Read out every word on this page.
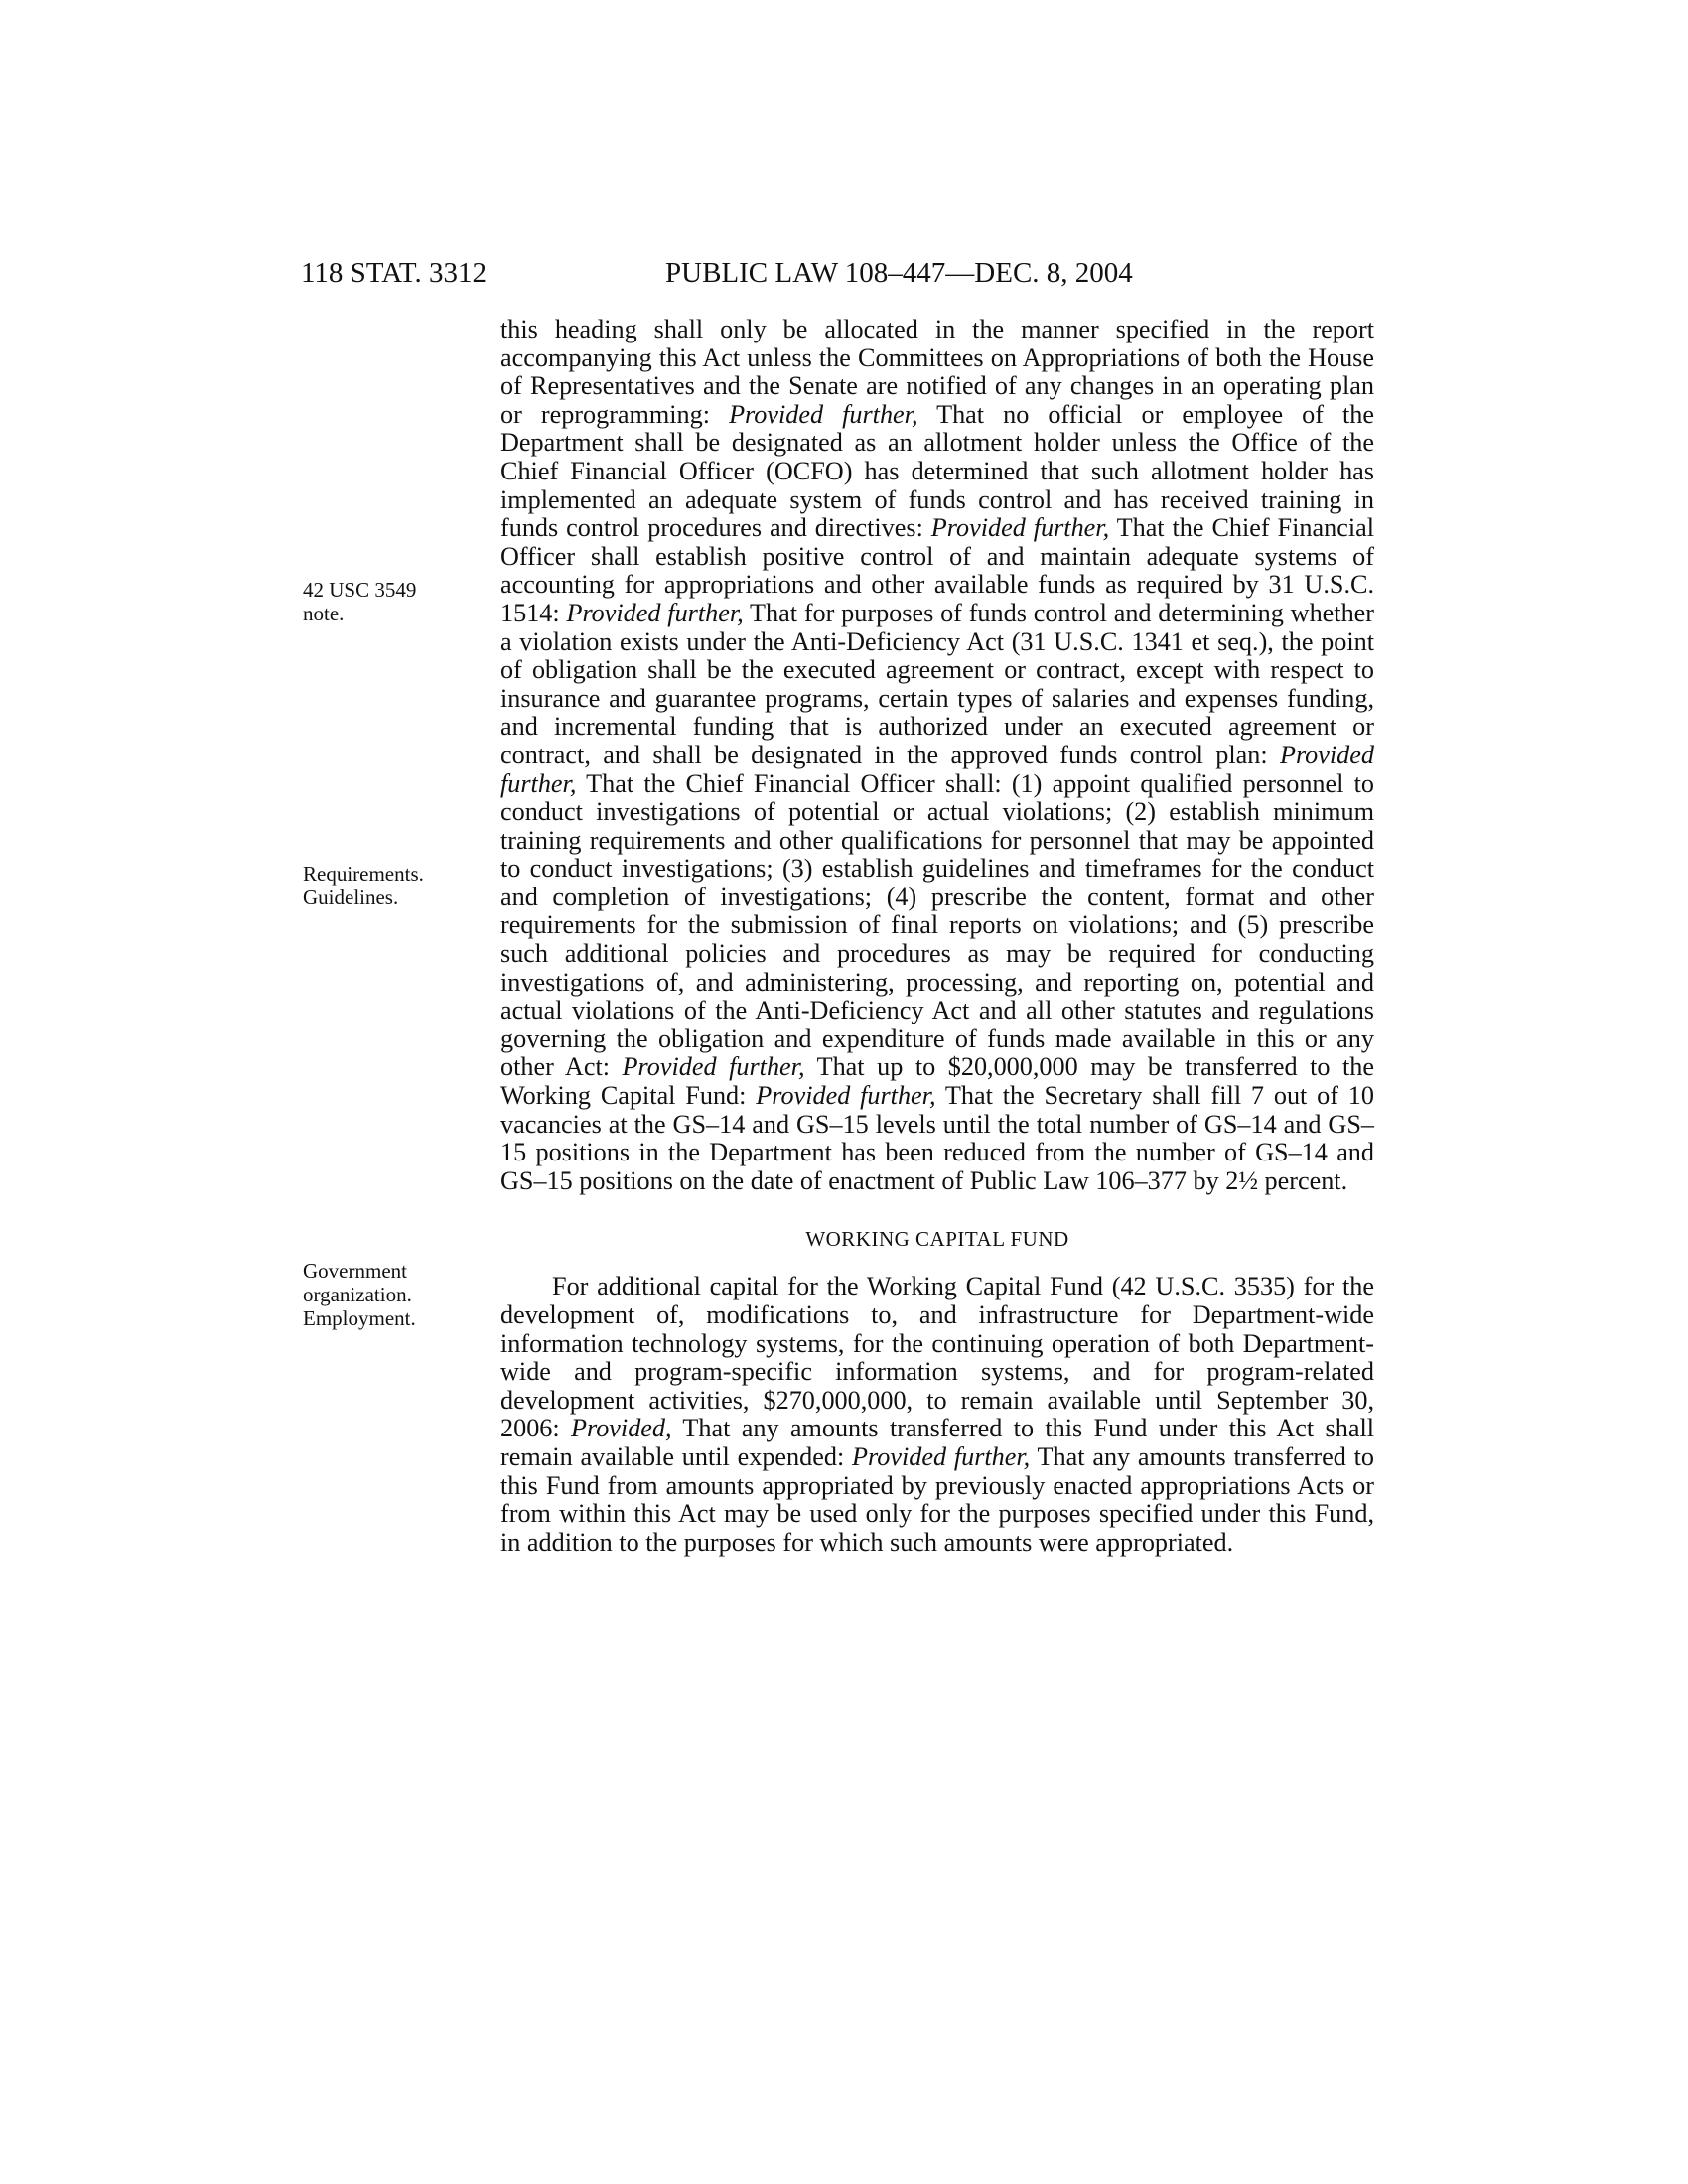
118 STAT. 3312	PUBLIC LAW 108–447—DEC. 8, 2004
42 USC 3549
note.
Requirements.
Guidelines.
Government
organization.
Employment.

this heading shall only be allocated in the manner specified in the report accompanying this Act unless the Committees on Appropriations of both the House of Representatives and the Senate are notified of any changes in an operating plan or reprogramming: Provided further, That no official or employee of the Department shall be designated as an allotment holder unless the Office of the Chief Financial Officer (OCFO) has determined that such allotment holder has implemented an adequate system of funds control and has received training in funds control procedures and directives: Provided further, That the Chief Financial Officer shall establish positive control of and maintain adequate systems of accounting for appropriations and other available funds as required by 31 U.S.C. 1514: Provided further, That for purposes of funds control and determining whether a violation exists under the Anti-Deficiency Act (31 U.S.C. 1341 et seq.), the point of obligation shall be the executed agreement or contract, except with respect to insurance and guarantee programs, certain types of salaries and expenses funding, and incremental funding that is authorized under an executed agreement or contract, and shall be designated in the approved funds control plan: Provided further, That the Chief Financial Officer shall: (1) appoint qualified personnel to conduct investigations of potential or actual violations; (2) establish minimum training requirements and other qualifications for personnel that may be appointed to conduct investigations; (3) establish guidelines and timeframes for the conduct and completion of investigations; (4) prescribe the content, format and other requirements for the submission of final reports on violations; and (5) prescribe such additional policies and procedures as may be required for conducting investigations of, and administering, processing, and reporting on, potential and actual violations of the Anti-Deficiency Act and all other statutes and regulations governing the obligation and expenditure of funds made available in this or any other Act: Provided further, That up to $20,000,000 may be transferred to the Working Capital Fund: Provided further, That the Secretary shall fill 7 out of 10 vacancies at the GS–14 and GS–15 levels until the total number of GS–14 and GS–15 positions in the Department has been reduced from the number of GS–14 and GS–15 positions on the date of enactment of Public Law 106–377 by 2½ percent.

WORKING CAPITAL FUND

For additional capital for the Working Capital Fund (42 U.S.C. 3535) for the development of, modifications to, and infrastructure for Department-wide information technology systems, for the continuing operation of both Department-wide and program-specific information systems, and for program-related development activities, $270,000,000, to remain available until September 30, 2006: Provided, That any amounts transferred to this Fund under this Act shall remain available until expended: Provided further, That any amounts transferred to this Fund from amounts appropriated by previously enacted appropriations Acts or from within this Act may be used only for the purposes specified under this Fund, in addition to the purposes for which such amounts were appropriated.
